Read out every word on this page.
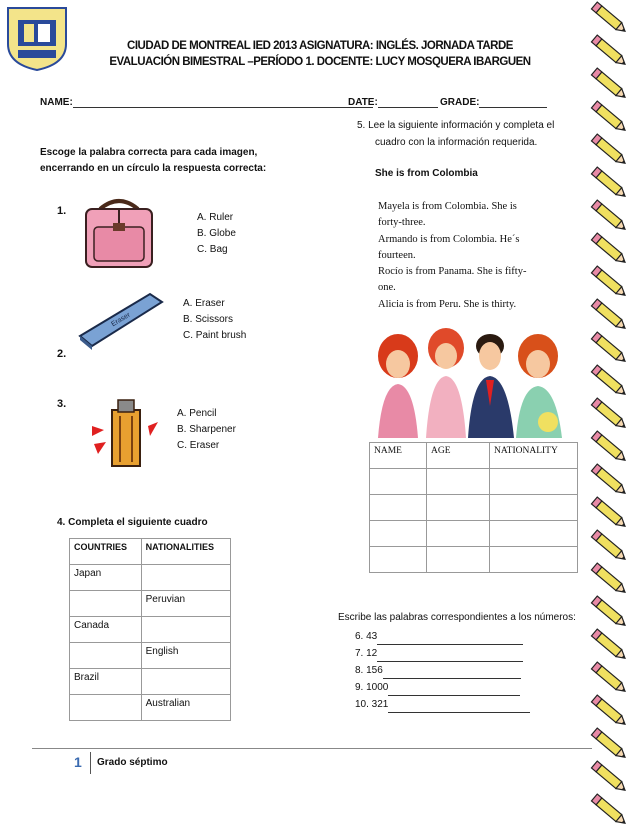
CIUDAD DE MONTREAL IED 2013 ASIGNATURA: INGLÉS. JORNADA TARDE
EVALUACIÓN BIMESTRAL –PERÍODO 1. DOCENTE: LUCY MOSQUERA IBARGUEN
NAME:	DATE:	GRADE:
Escoge la palabra correcta para cada imagen,
encerrando en un círculo la respuesta correcta:
1.
A. Ruler
B. Globe
C. Bag
Eraser
A. Eraser
B. Scissors
C. Paint brush
2.
3.
A. Pencil
B. Sharpener
C. Eraser
4. Completa el siguiente cuadro
COUNTRIES	NATIONALITIES
Japan	
	Peruvian
Canada	
	English
Brazil	
	Australian
5. Lee la siguiente información y completa el
cuadro con la información requerida.
She is from Colombia
Mayela is from Colombia. She is
forty-three.
Armando is from Colombia. He´s
fourteen.
Rocío is from Panama. She is fifty-
one.
Alicia is from Peru. She is thirty.
NAME	AGE	NATIONALITY

Escribe las palabras correspondientes a los números:
6. 43
7. 12
8. 156
9. 1000
10. 321
1 Grado séptimo
